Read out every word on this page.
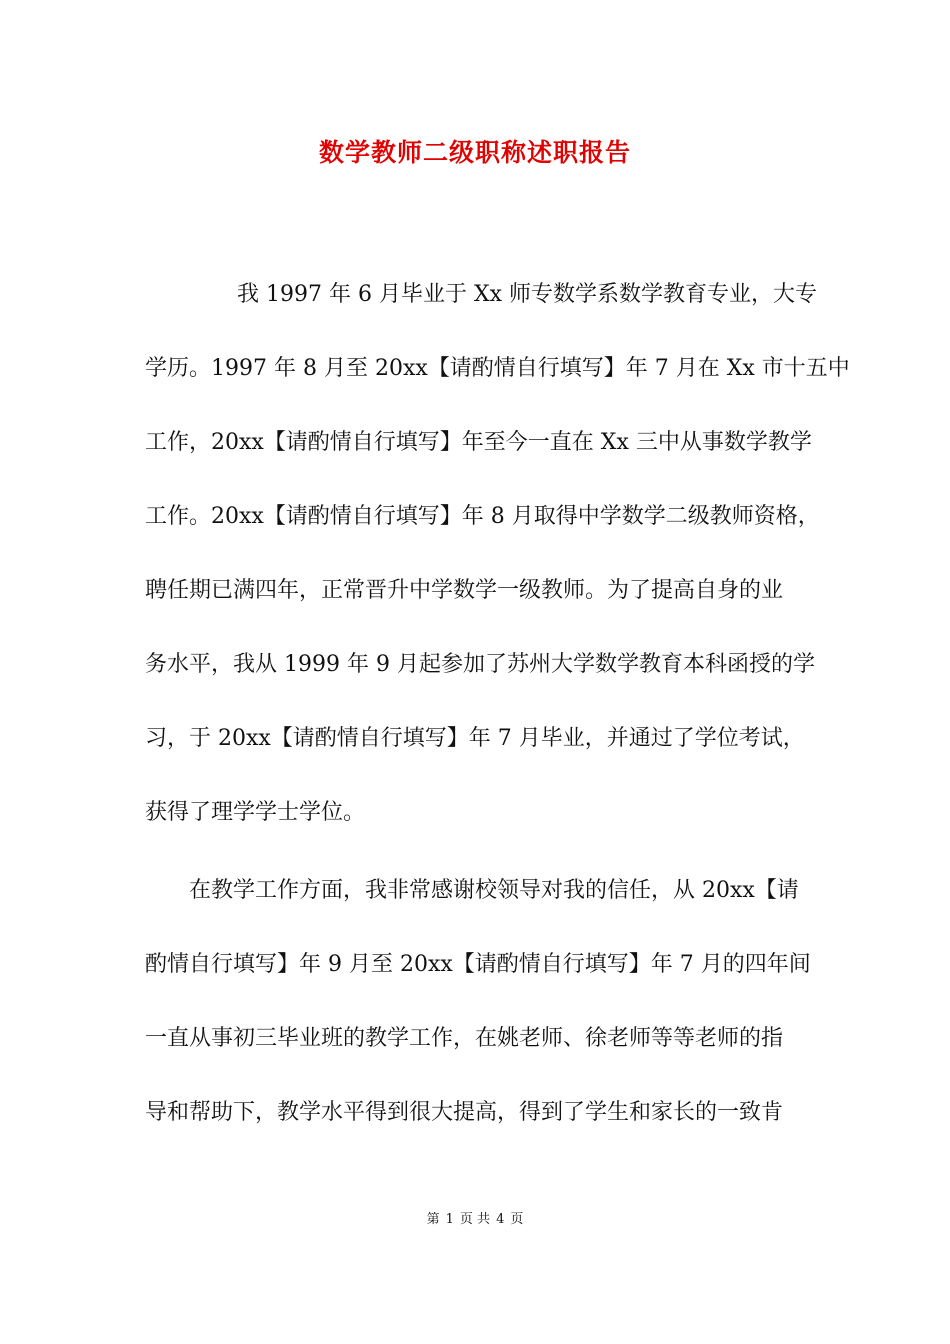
数学教师二级职称述职报告
我 1997 年 6 月毕业于 Xx 师专数学系数学教育专业，大专
学历。1997 年 8 月至 20xx【请酌情自行填写】年 7 月在 Xx 市十五中
工作，20xx【请酌情自行填写】年至今一直在 Xx 三中从事数学教学
工作。20xx【请酌情自行填写】年 8 月取得中学数学二级教师资格，
聘任期已满四年，正常晋升中学数学一级教师。为了提高自身的业
务水平，我从 1999 年 9 月起参加了苏州大学数学教育本科函授的学
习，于 20xx【请酌情自行填写】年 7 月毕业，并通过了学位考试，
获得了理学学士学位。
在教学工作方面，我非常感谢校领导对我的信任，从 20xx【请
酌情自行填写】年 9 月至 20xx【请酌情自行填写】年 7 月的四年间
一直从事初三毕业班的教学工作，在姚老师、徐老师等等老师的指
导和帮助下，教学水平得到很大提高，得到了学生和家长的一致肯
第 1 页 共 4 页
